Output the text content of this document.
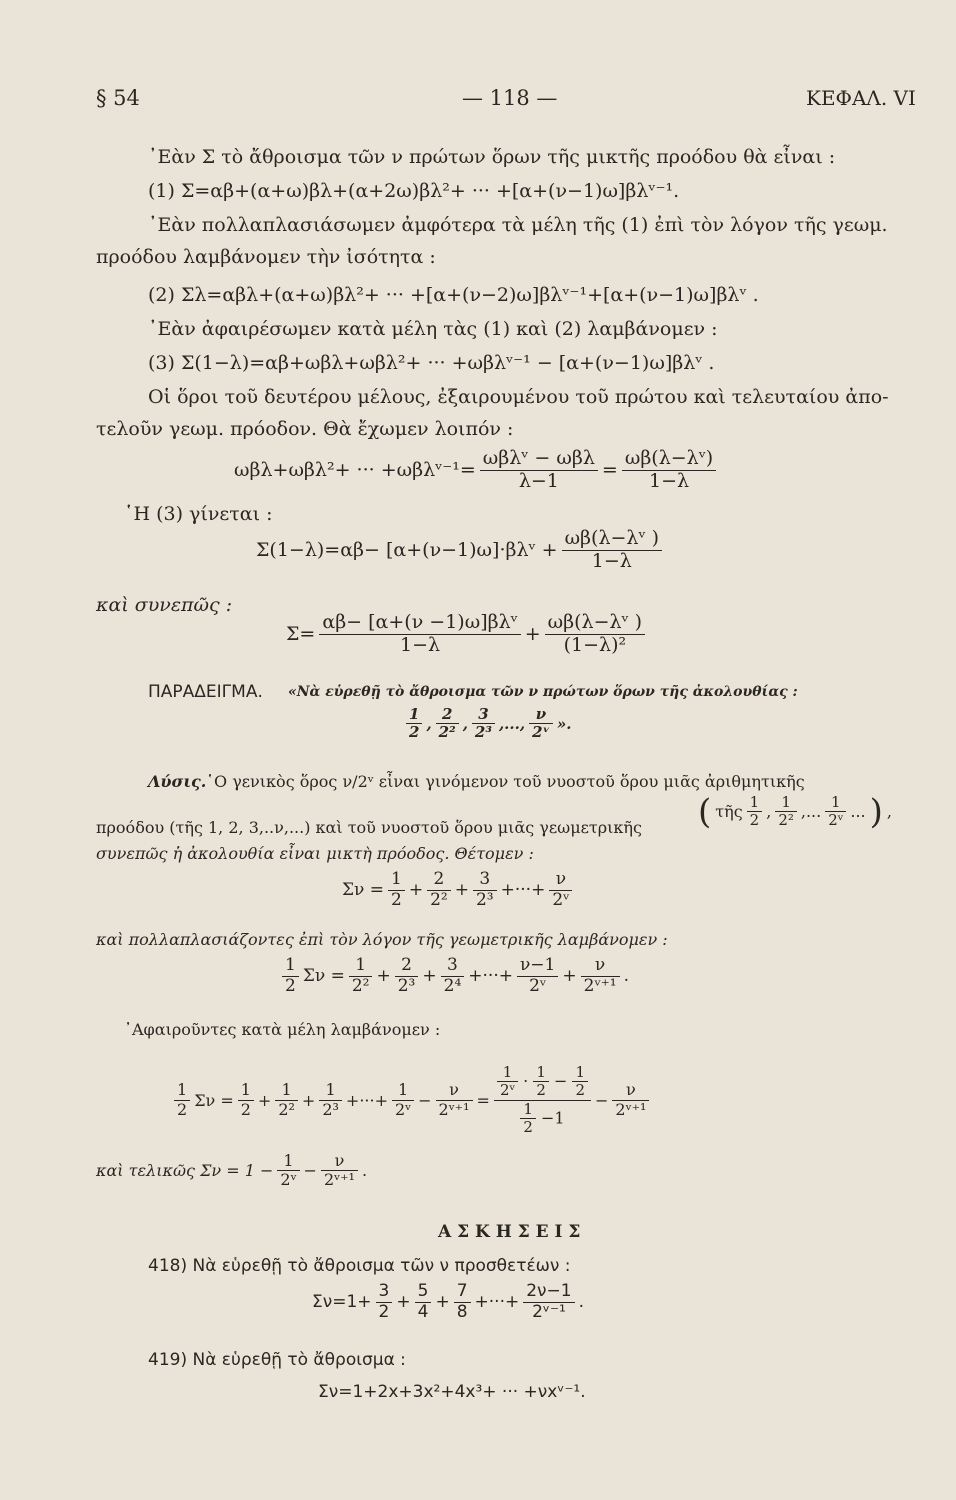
§ 54	— 118 —	ΚΕΦΑΛ. VI
᾿Εὰν Σ τὸ ἄθροισμα τῶν ν πρώτων ὅρων τῆς μικτῆς προόδου θὰ εἶναι :
(1) Σ=αβ+(α+ω)βλ+(α+2ω)βλ²+ ··· +[α+(ν−1)ω]βλᵛ⁻¹.
᾿Εὰν πολλαπλασιάσωμεν ἀμφότερα τὰ μέλη τῆς (1) ἐπὶ τὸν λόγον τῆς γεωμ.
προόδου λαμβάνομεν τὴν ἰσότητα :
(2) Σλ=αβλ+(α+ω)βλ²+ ··· +[α+(ν−2)ω]βλᵛ⁻¹+[α+(ν−1)ω]βλᵛ .
᾿Εὰν ἀφαιρέσωμεν κατὰ μέλη τὰς (1) καὶ (2) λαμβάνομεν :
(3) Σ(1−λ)=αβ+ωβλ+ωβλ²+ ··· +ωβλᵛ⁻¹ − [α+(ν−1)ω]βλᵛ .
Οἱ ὅροι τοῦ δευτέρου μέλους, ἐξαιρουμένου τοῦ πρώτου καὶ τελευταίου ἀπο-
τελοῦν γεωμ. πρόοδον. Θὰ ἔχωμεν λοιπόν :
ωβλ+ωβλ²+ ··· +ωβλᵛ⁻¹= $\frac{\text{ωβλᵛ − ωβλ}}{\lambda-1} = \frac{\text{ωβ(λ−λᵛ)}}{1-\lambda}$
῾Η (3) γίνεται :
Σ(1−λ)=αβ− [α+(ν−1)ω]·βλᵛ + $\frac{\text{ωβ(λ−λᵛ )}}{1-\lambda}$
καὶ συνεπῶς :
$\Sigma= \frac{\text{αβ− [α+(ν −1)ω]βλᵛ}}{1-\lambda} + \frac{\text{ωβ(λ−λᵛ )}}{\text{(1−λ)²}}$
ΠΑΡΑΔΕΙΓΜΑ. «Νὰ εὑρεθῇ τὸ ἄθροισμα τῶν ν πρώτων ὅρων τῆς ἀκολουθίας :
$\frac{1}{2}$ , $\frac{2}{\text{2²}}$ , $\frac{3}{\text{2³}}$ ,..., $\frac{\nu}{\text{2ᵛ}}$ ».
Λύσις. ῾Ο γενικὸς ὅρος ν/2ᵛ εἶναι γινόμενον τοῦ νυοστοῦ ὅρου μιᾶς ἀριθμητικῆς
προόδου (τῆς 1, 2, 3,..ν,...) καὶ τοῦ νυοστοῦ ὅρου μιᾶς γεωμετρικῆς ( τῆς $\frac{1}{2}$ , $\frac{1}{\text{2²}}$ ,... $\frac{1}{\text{2ᵛ}}$ ... ) ,
συνεπῶς ἡ ἀκολουθία εἶναι μικτὴ πρόοδος. Θέτομεν :
$\Sigma\nu = \frac{1}{2} + \frac{2}{\text{2²}} + \frac{3}{\text{2³}}$ +···+ $\frac{\nu}{\text{2ᵛ}}$
καὶ πολλαπλασιάζοντες ἐπὶ τὸν λόγον τῆς γεωμετρικῆς λαμβάνομεν :
$\frac{1}{2}$ $\Sigma\nu = \frac{1}{\text{2²}} + \frac{2}{\text{2³}} + \frac{3}{\text{2⁴}}$ +···+ $\frac{\nu-1}{\text{2ᵛ}} + \frac{\nu}{\text{2ᵛ⁺¹}}$ .
᾿Αφαιροῦντες κατὰ μέλη λαμβάνομεν :
$\frac{1}{2}$ $\Sigma\nu = \frac{1}{2} + \frac{1}{\text{2²}} + \frac{1}{\text{2³}}$ +···+ $\frac{1}{\text{2ᵛ}} - \frac{\nu}{\text{2ᵛ⁺¹}} = \frac{\frac{1}{\text{2ᵛ}} \cdot \frac{1}{2} - \frac{1}{2}}{\frac{1}{2} -1} - \frac{\nu}{\text{2ᵛ⁺¹}}$
καὶ τελικῶς $\Sigma\nu = 1 - \frac{1}{\text{2ᵛ}} - \frac{\nu}{\text{2ᵛ⁺¹}}$ .
Α Σ Κ Η Σ Ε Ι Σ
418) Νὰ εὑρεθῇ τὸ ἄθροισμα τῶν ν προσθετέων :
$\Sigma\nu=1+ \frac{3}{2} + \frac{5}{4} + \frac{7}{8}$ +···+ $\frac{2\nu-1}{\text{2ᵛ⁻¹}}$ .
419) Νὰ εὑρεθῇ τὸ ἄθροισμα :
Σν=1+2x+3x²+4x³+ ··· +νxᵛ⁻¹.
